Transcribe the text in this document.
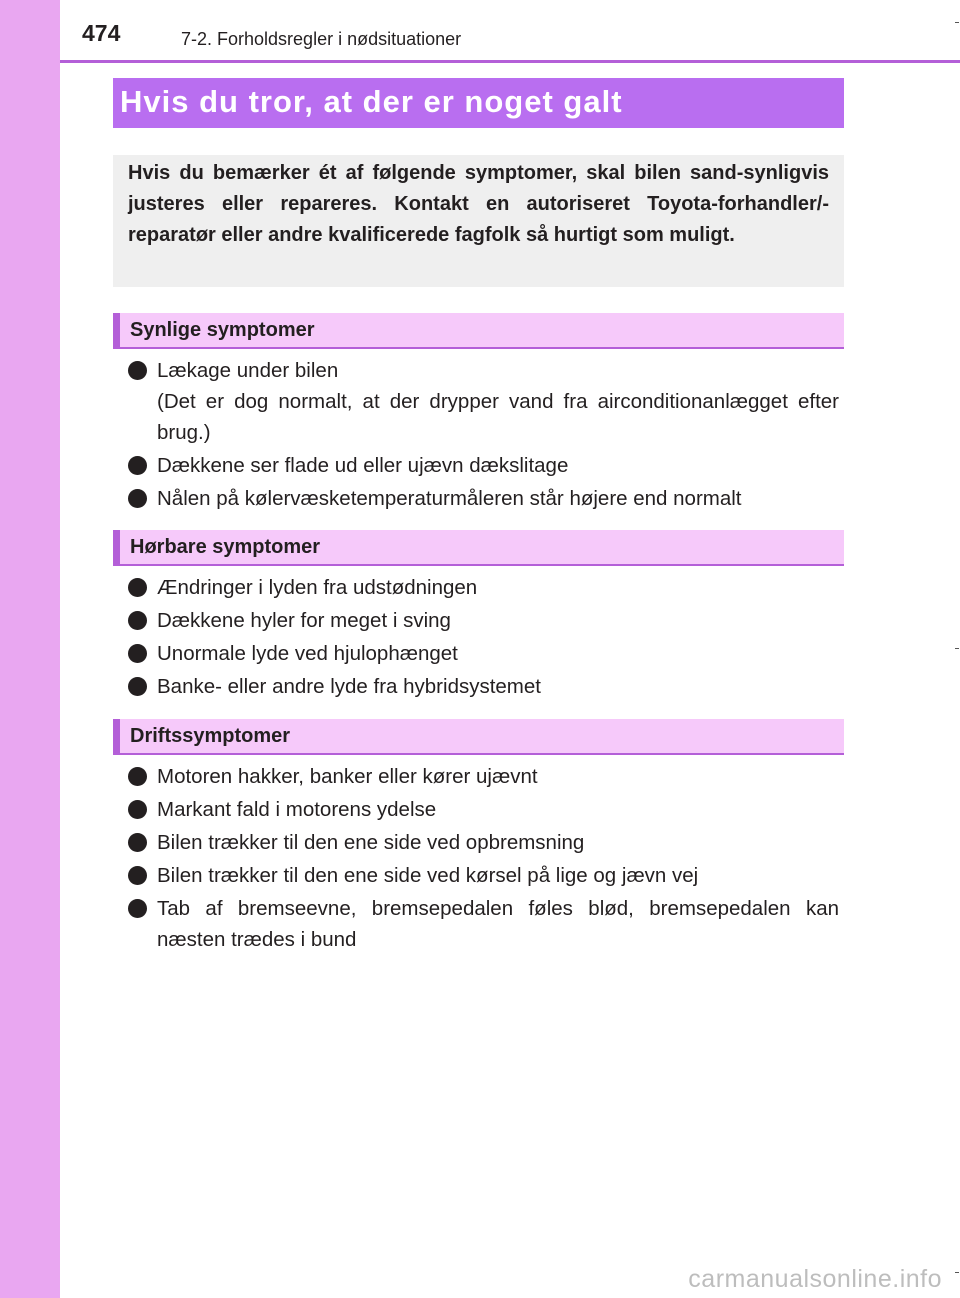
474	7-2. Forholdsregler i nødsituationer
Hvis du tror, at der er noget galt

Hvis du bemærker ét af følgende symptomer, skal bilen sand-synligvis justeres eller repareres. Kontakt en autoriseret Toyota-forhandler/-reparatør eller andre kvalificerede fagfolk så hurtigt som muligt.

Synlige symptomer
Lækage under bilen
(Det er dog normalt, at der drypper vand fra airconditionanlægget efter brug.)
Dækkene ser flade ud eller ujævn dækslitage
Nålen på kølervæsketemperaturmåleren står højere end normalt
Hørbare symptomer
Ændringer i lyden fra udstødningen
Dækkene hyler for meget i sving
Unormale lyde ved hjulophænget
Banke- eller andre lyde fra hybridsystemet
Driftssymptomer
Motoren hakker, banker eller kører ujævnt
Markant fald i motorens ydelse
Bilen trækker til den ene side ved opbremsning
Bilen trækker til den ene side ved kørsel på lige og jævn vej
Tab af bremseevne, bremsepedalen føles blød, bremsepedalen kan næsten trædes i bund
carmanualsonline.info
